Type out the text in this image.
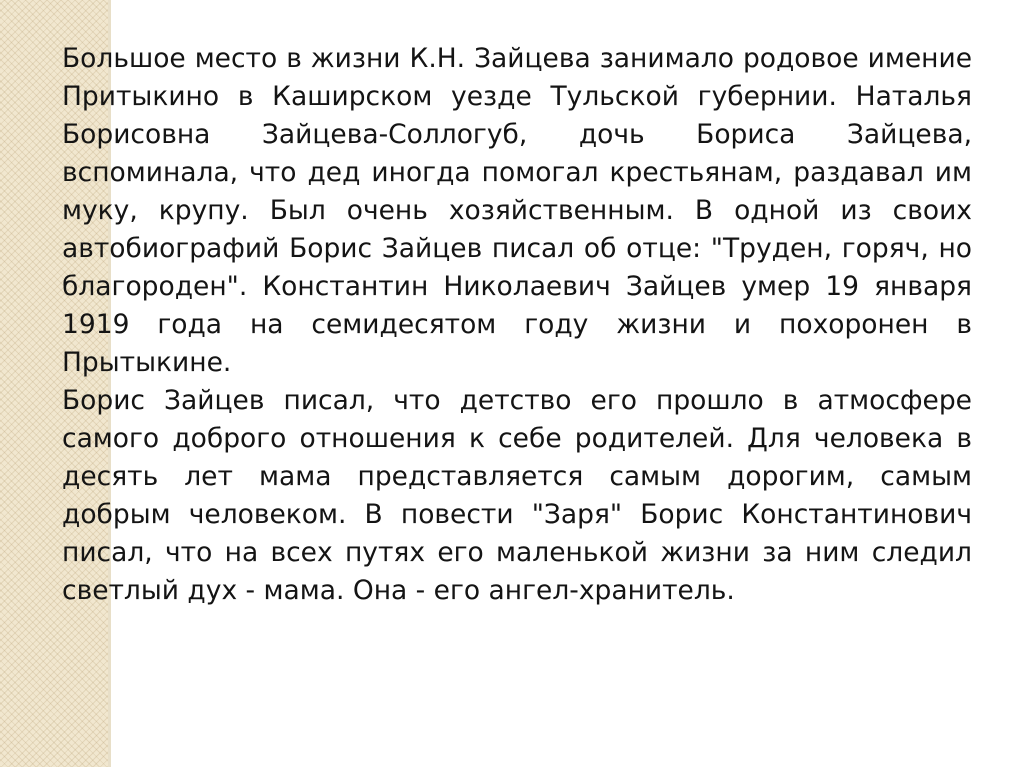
Большое место в жизни К.Н. Зайцева занимало родовое имение Притыкино в Каширском уезде Тульской губернии. Наталья Борисовна Зайцева-Соллогуб, дочь Бориса Зайцева, вспоминала, что дед иногда помогал крестьянам, раздавал им муку, крупу. Был очень хозяйственным. В одной из своих автобиографий Борис Зайцев писал об отце: "Труден, горяч, но благороден". Константин Николаевич Зайцев умер 19 января 1919 года на семидесятом году жизни и похоронен в Прытыкине.

Борис Зайцев писал, что детство его прошло в атмосфере самого доброго отношения к себе родителей. Для человека в десять лет мама представляется самым дорогим, самым добрым человеком. В повести "Заря" Борис Константинович писал, что на всех путях его маленькой жизни за ним следил светлый дух - мама. Она - его ангел-хранитель.
